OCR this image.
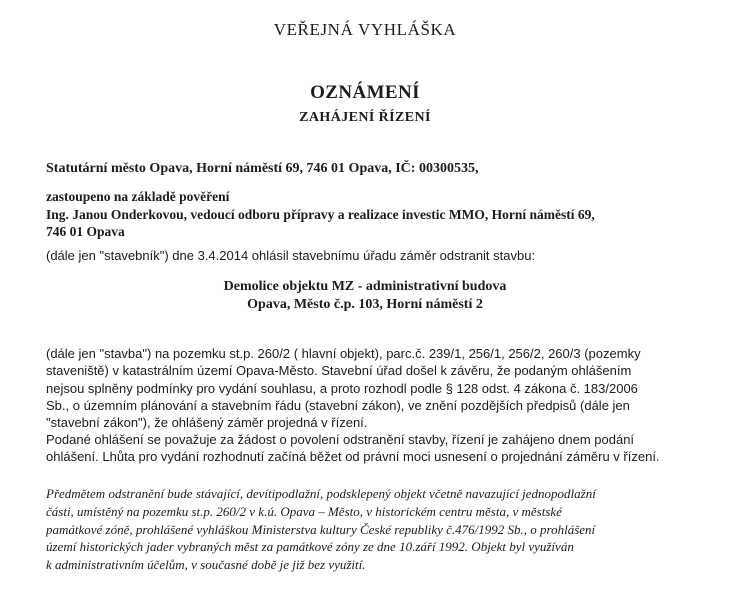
VEŘEJNÁ VYHLÁŠKA
OZNÁMENÍ
ZAHÁJENÍ ŘÍZENÍ
Statutární město Opava, Horní náměstí 69, 746 01 Opava, IČ: 00300535,
zastoupeno na základě pověření
Ing. Janou Onderkovou, vedoucí odboru přípravy a realizace investic MMO, Horní náměstí 69,
746 01 Opava
(dále jen "stavebník") dne 3.4.2014 ohlásil stavebnímu úřadu záměr odstranit stavbu:
Demolice objektu MZ - administrativní budova
Opava, Město č.p. 103, Horní náměstí 2
(dále jen "stavba") na pozemku st.p. 260/2 ( hlavní objekt), parc.č. 239/1, 256/1, 256/2, 260/3 (pozemky
staveniště) v katastrálním území Opava-Město. Stavební úřad došel k závěru, že podaným ohlášením
nejsou splněny podmínky pro vydání souhlasu, a proto rozhodl podle § 128 odst. 4 zákona č. 183/2006
Sb., o územním plánování a stavebním řádu (stavební zákon), ve znění pozdějších předpisů (dále jen
"stavební zákon"), že ohlášený záměr projedná v řízení.
Podané ohlášení se považuje za žádost o povolení odstranění stavby, řízení je zahájeno dnem podání
ohlášení. Lhůta pro vydání rozhodnutí začíná běžet od právní moci usnesení o projednání záměru v řízení.
Předmětem odstranění bude stávající, devítipodlažní, podsklepený objekt včetně navazující jednopodlažní
části, umístěný na pozemku st.p. 260/2 v k.ú. Opava – Město, v historickém centru města, v městské
památkové zóně, prohlášené vyhláškou Ministerstva kultury České republiky č.476/1992 Sb., o prohlášení
území historických jader vybraných měst za památkové zóny ze dne 10.září 1992. Objekt byl využíván
k administrativním účelům, v současné době je již bez využití.
